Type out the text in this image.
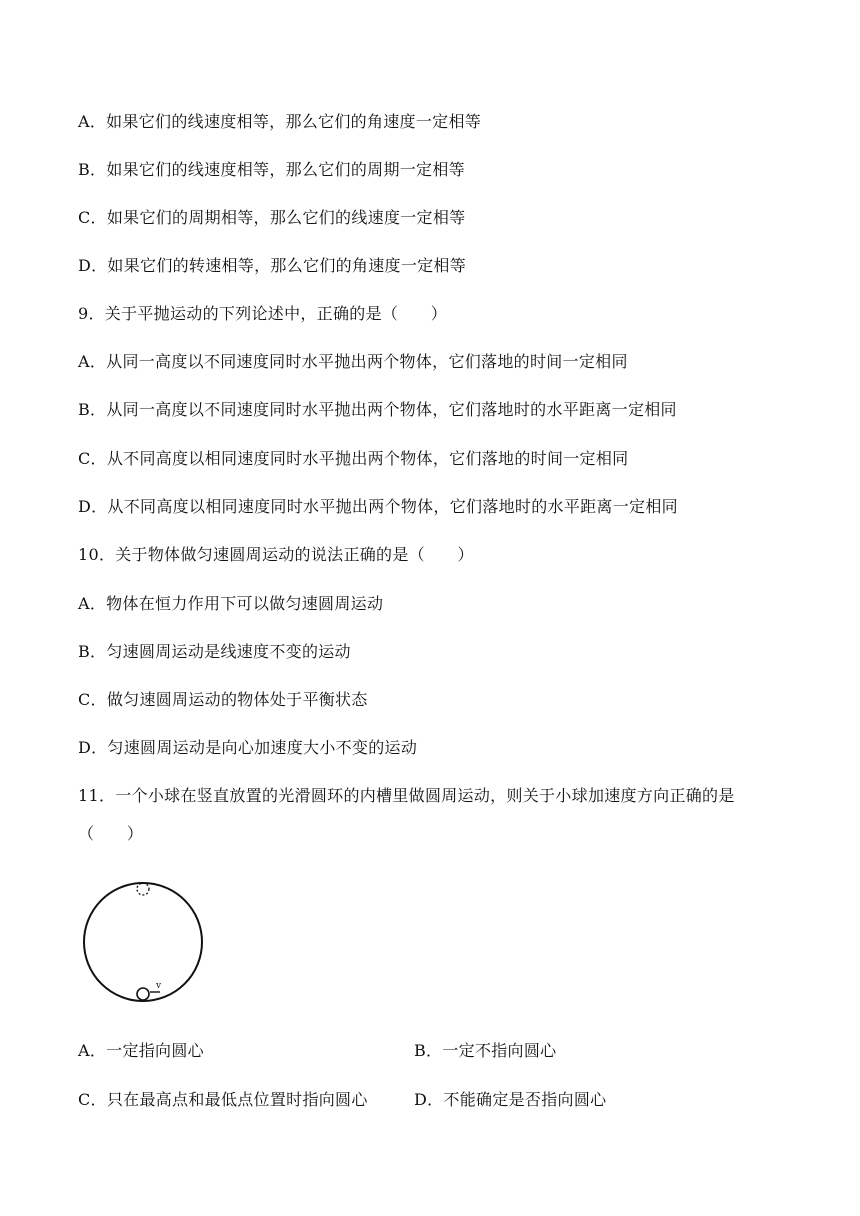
A．如果它们的线速度相等，那么它们的角速度一定相等
B．如果它们的线速度相等，那么它们的周期一定相等
C．如果它们的周期相等，那么它们的线速度一定相等
D．如果它们的转速相等，那么它们的角速度一定相等
9．关于平抛运动的下列论述中，正确的是（　　）
A．从同一高度以不同速度同时水平抛出两个物体，它们落地的时间一定相同
B．从同一高度以不同速度同时水平抛出两个物体，它们落地时的水平距离一定相同
C．从不同高度以相同速度同时水平抛出两个物体，它们落地的时间一定相同
D．从不同高度以相同速度同时水平抛出两个物体，它们落地时的水平距离一定相同
10．关于物体做匀速圆周运动的说法正确的是（　　）
A．物体在恒力作用下可以做匀速圆周运动
B．匀速圆周运动是线速度不变的运动
C．做匀速圆周运动的物体处于平衡状态
D．匀速圆周运动是向心加速度大小不变的运动
11．一个小球在竖直放置的光滑圆环的内槽里做圆周运动，则关于小球加速度方向正确的是
（　　）
v
A．一定指向圆心	B．一定不指向圆心
C．只在最高点和最低点位置时指向圆心	D．不能确定是否指向圆心
